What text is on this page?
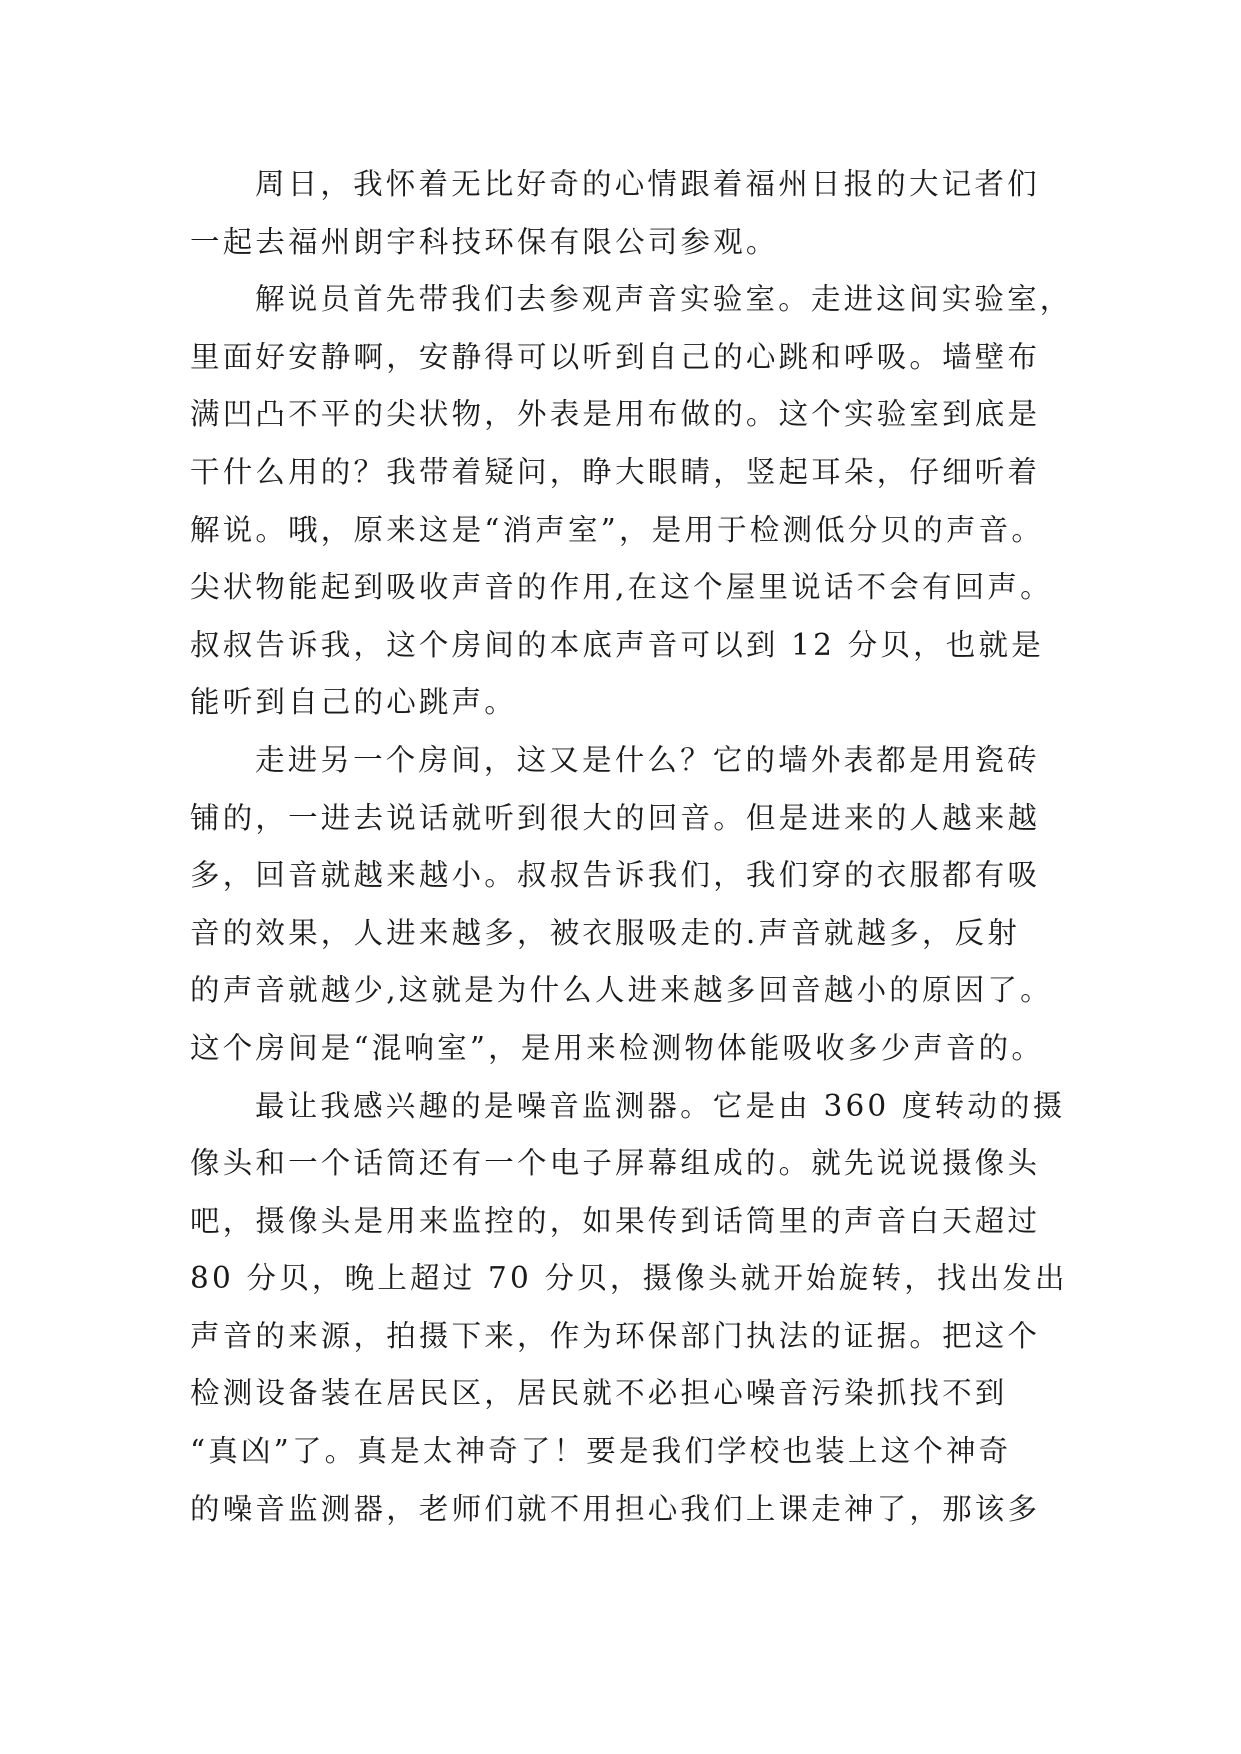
周日，我怀着无比好奇的心情跟着福州日报的大记者们
一起去福州朗宇科技环保有限公司参观。
解说员首先带我们去参观声音实验室。走进这间实验室，
里面好安静啊，安静得可以听到自己的心跳和呼吸。墙壁布
满凹凸不平的尖状物，外表是用布做的。这个实验室到底是
干什么用的？我带着疑问，睁大眼睛，竖起耳朵，仔细听着
解说。哦，原来这是“消声室”，是用于检测低分贝的声音。
尖状物能起到吸收声音的作用,在这个屋里说话不会有回声。
叔叔告诉我，这个房间的本底声音可以到 12 分贝，也就是
能听到自己的心跳声。
走进另一个房间，这又是什么？它的墙外表都是用瓷砖
铺的，一进去说话就听到很大的回音。但是进来的人越来越
多，回音就越来越小。叔叔告诉我们，我们穿的衣服都有吸
音的效果，人进来越多，被衣服吸走的.声音就越多，反射
的声音就越少,这就是为什么人进来越多回音越小的原因了。
这个房间是“混响室”，是用来检测物体能吸收多少声音的。
最让我感兴趣的是噪音监测器。它是由 360 度转动的摄
像头和一个话筒还有一个电子屏幕组成的。就先说说摄像头
吧，摄像头是用来监控的，如果传到话筒里的声音白天超过
80 分贝，晚上超过 70 分贝，摄像头就开始旋转，找出发出
声音的来源，拍摄下来，作为环保部门执法的证据。把这个
检测设备装在居民区，居民就不必担心噪音污染抓找不到
“真凶”了。真是太神奇了！要是我们学校也装上这个神奇
的噪音监测器，老师们就不用担心我们上课走神了，那该多
